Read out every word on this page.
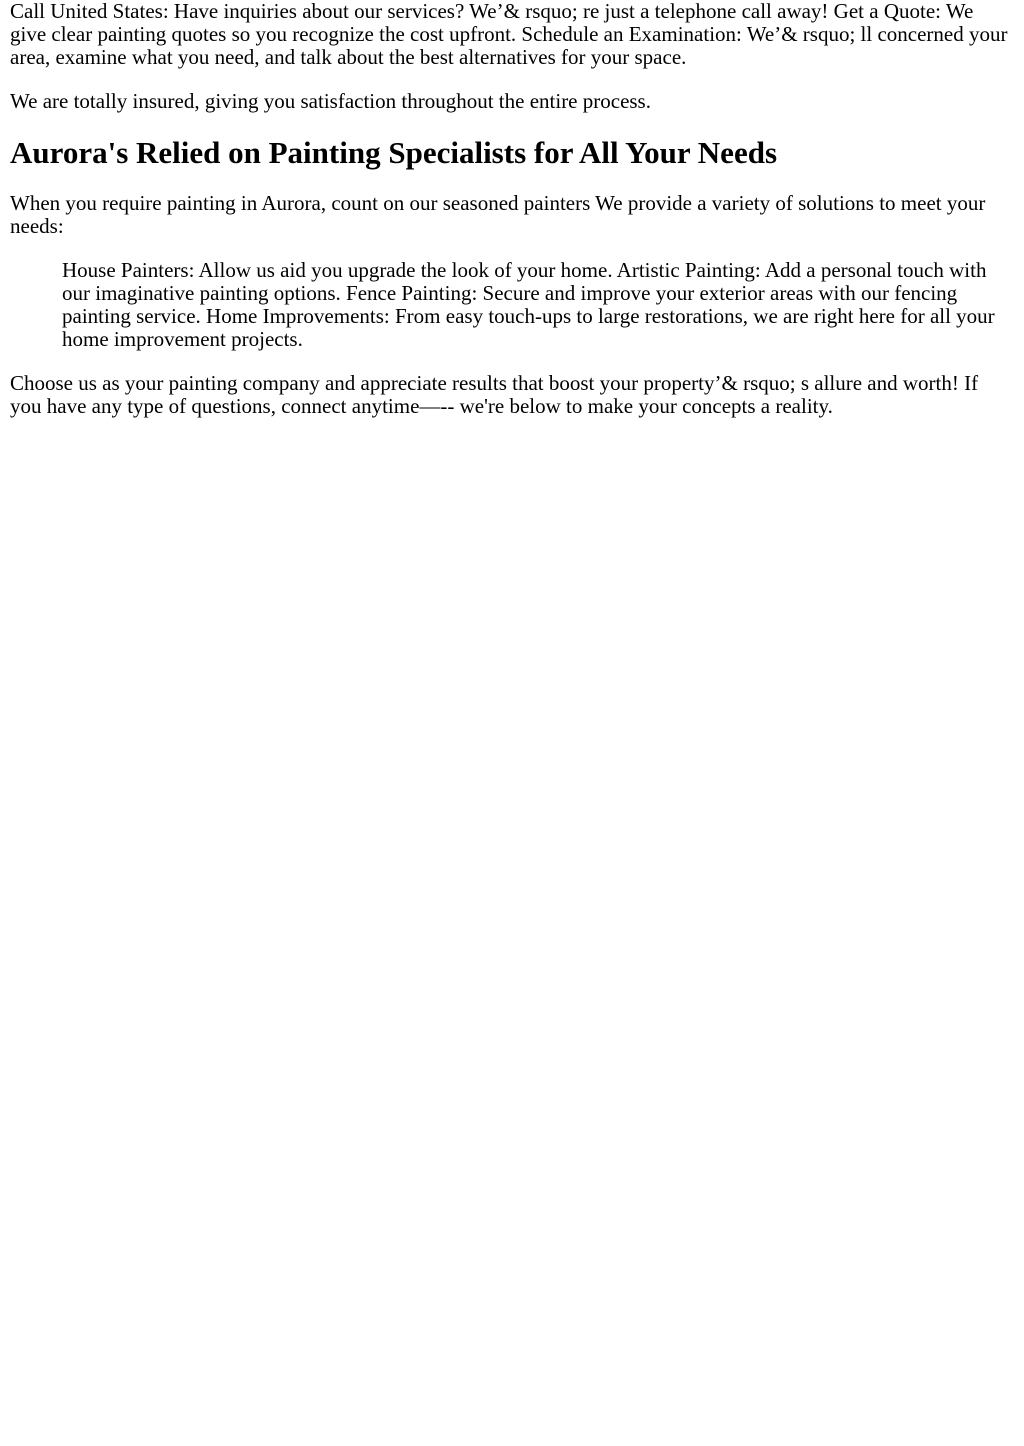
Call United States: Have inquiries about our services? We’& rsquo; re just a telephone call away! Get a Quote: We give clear painting quotes so you recognize the cost upfront. Schedule an Examination: We’& rsquo; ll concerned your area, examine what you need, and talk about the best alternatives for your space.

We are totally insured, giving you satisfaction throughout the entire process.

Aurora's Relied on Painting Specialists for All Your Needs

When you require painting in Aurora, count on our seasoned painters We provide a variety of solutions to meet your needs:

House Painters: Allow us aid you upgrade the look of your home. Artistic Painting: Add a personal touch with our imaginative painting options. Fence Painting: Secure and improve your exterior areas with our fencing painting service. Home Improvements: From easy touch-ups to large restorations, we are right here for all your home improvement projects.

Choose us as your painting company and appreciate results that boost your property’& rsquo; s allure and worth! If you have any type of questions, connect anytime—-- we're below to make your concepts a reality.
